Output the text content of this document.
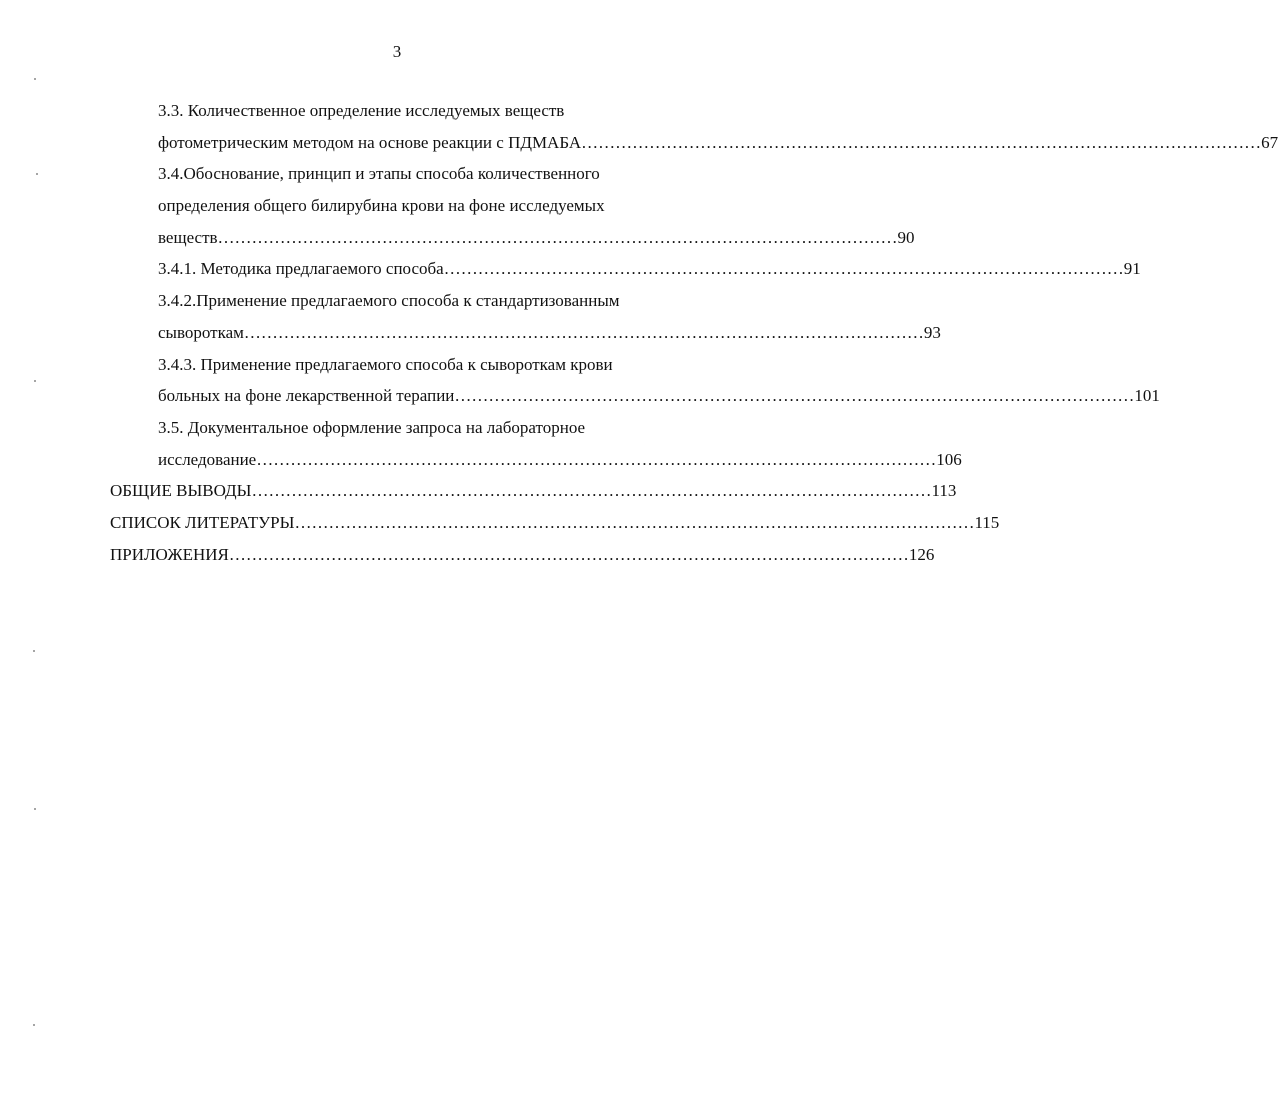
3
3.3. Количественное определение исследуемых веществ
фотометрическим методом на основе реакции с ПДМАБА ………………………………………………………………………………………………………… 67
3.4.Обоснование, принцип и этапы способа количественного
определения общего билирубина крови на фоне исследуемых
веществ ………………………………………………………………………………………………………… 90
3.4.1. Методика предлагаемого способа ………………………………………………………………………………………………………… 91
3.4.2.Применение предлагаемого способа к стандартизованным
сывороткам ………………………………………………………………………………………………………… 93
3.4.3. Применение предлагаемого способа к сывороткам крови
больных на фоне лекарственной терапии ………………………………………………………………………………………………………… 101
3.5. Документальное оформление запроса на лабораторное
исследование ………………………………………………………………………………………………………… 106
ОБЩИЕ ВЫВОДЫ ………………………………………………………………………………………………………… 113
СПИСОК ЛИТЕРАТУРЫ ………………………………………………………………………………………………………… 115
ПРИЛОЖЕНИЯ ………………………………………………………………………………………………………… 126
